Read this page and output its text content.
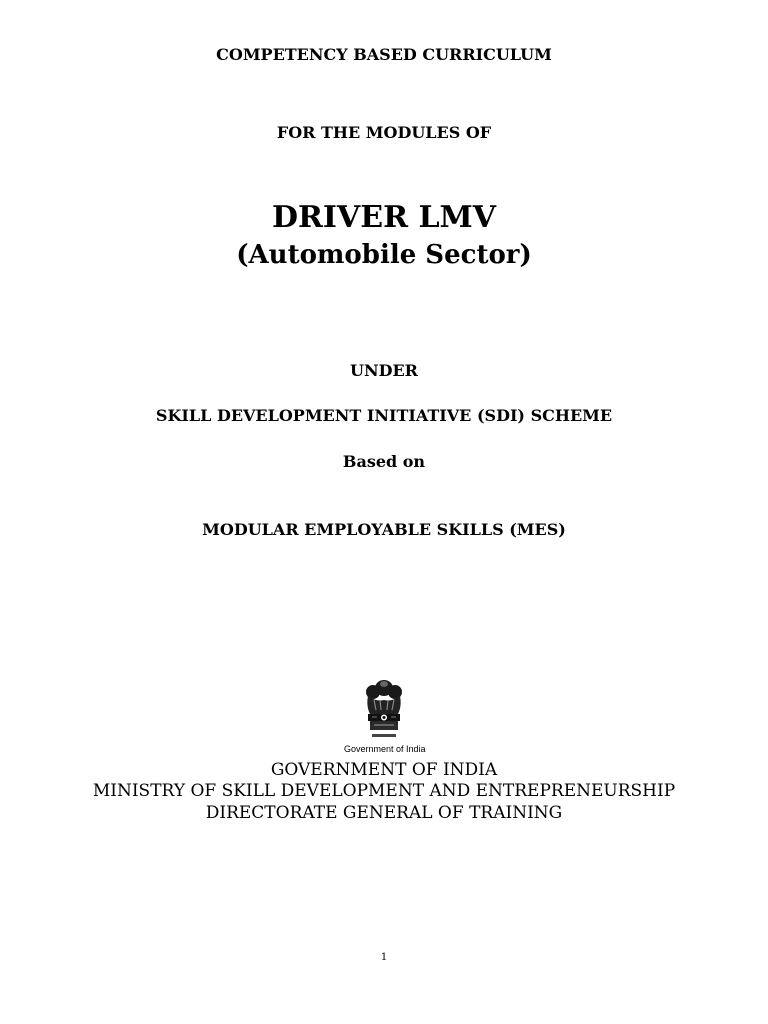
COMPETENCY BASED CURRICULUM
FOR THE MODULES OF
DRIVER LMV
(Automobile Sector)
UNDER
SKILL DEVELOPMENT INITIATIVE (SDI) SCHEME
Based on
MODULAR EMPLOYABLE SKILLS (MES)
Government of India
GOVERNMENT OF INDIA
MINISTRY OF SKILL DEVELOPMENT AND ENTREPRENEURSHIP
DIRECTORATE GENERAL OF TRAINING
1
